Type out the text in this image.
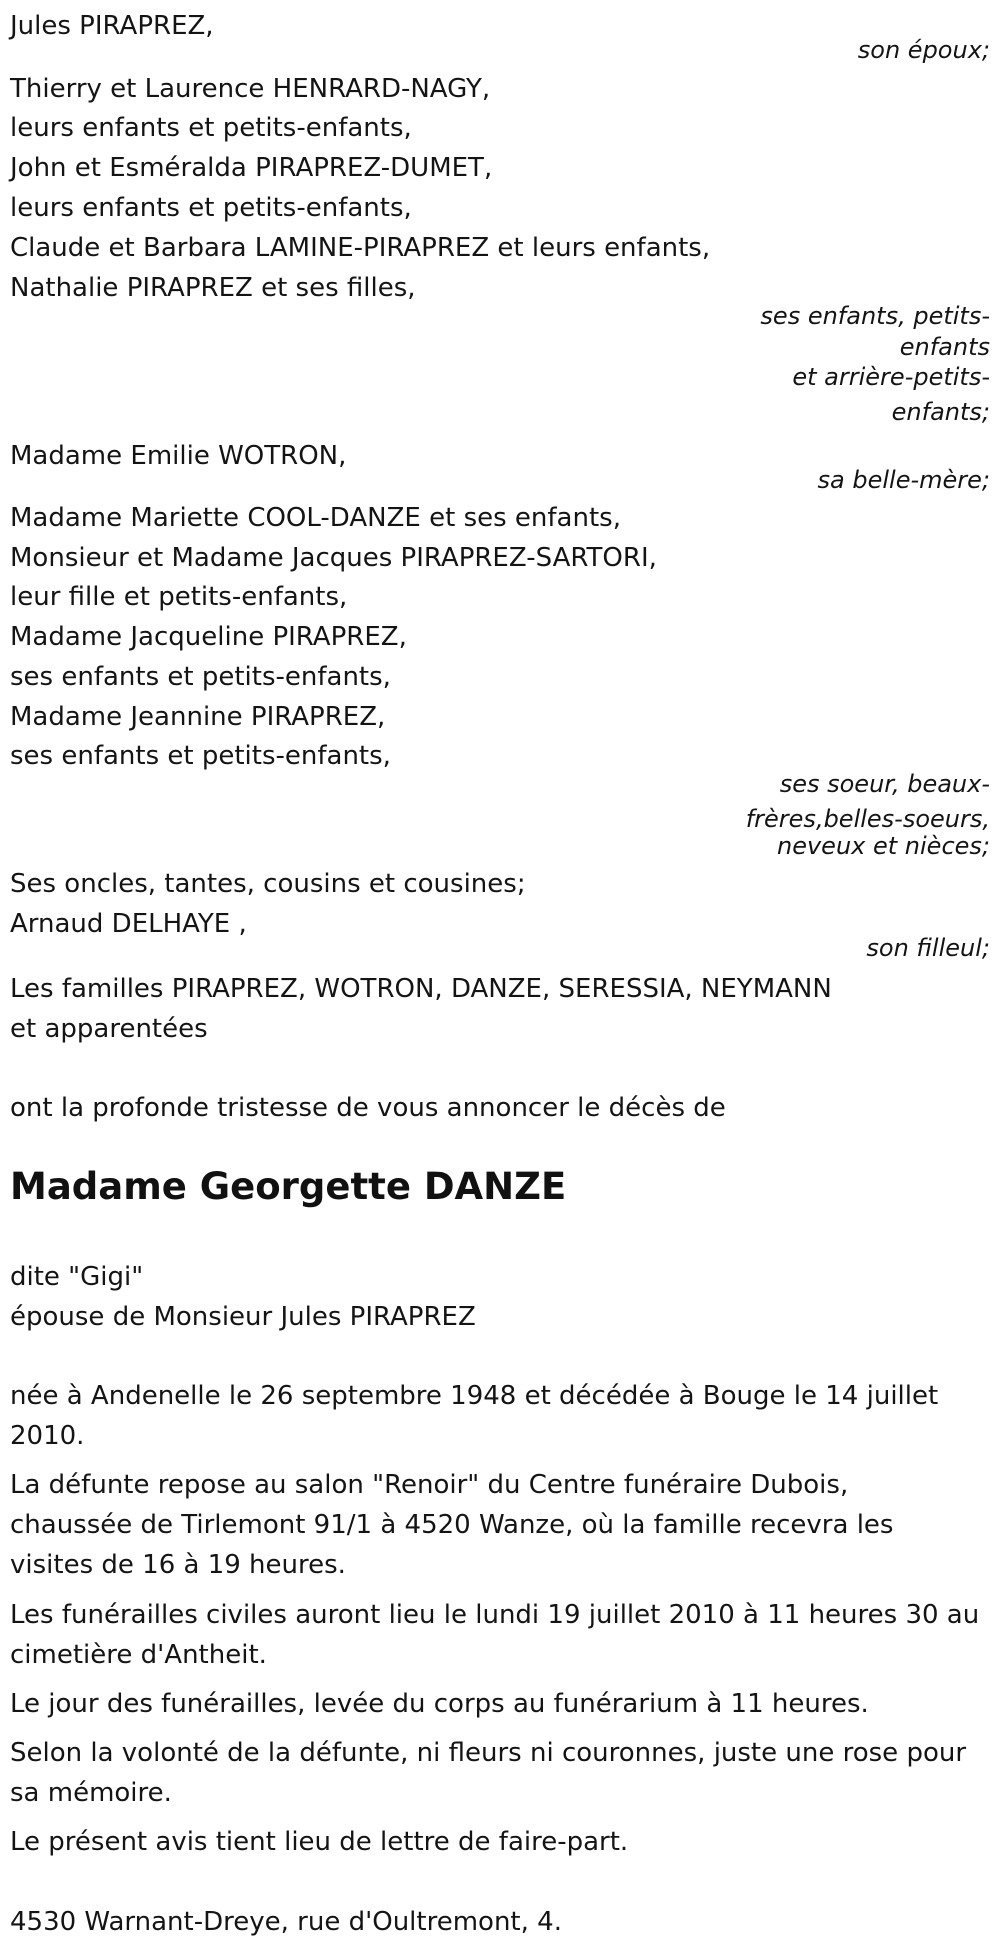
Jules PIRAPREZ,
son époux;
Thierry et Laurence HENRARD-NAGY,
leurs enfants et petits-enfants,
John et Esméralda PIRAPREZ-DUMET,
leurs enfants et petits-enfants,
Claude et Barbara LAMINE-PIRAPREZ et leurs enfants,
Nathalie PIRAPREZ et ses filles,
ses enfants, petits-
enfants
et arrière-petits-
enfants;
Madame Emilie WOTRON,
sa belle-mère;
Madame Mariette COOL-DANZE et ses enfants,
Monsieur et Madame Jacques PIRAPREZ-SARTORI,
leur fille et petits-enfants,
Madame Jacqueline PIRAPREZ,
ses enfants et petits-enfants,
Madame Jeannine PIRAPREZ,
ses enfants et petits-enfants,
ses soeur, beaux-
frères,belles-soeurs,
neveux et nièces;
Ses oncles, tantes, cousins et cousines;
Arnaud DELHAYE ,
son filleul;
Les familles PIRAPREZ, WOTRON, DANZE, SERESSIA, NEYMANN
et apparentées
ont la profonde tristesse de vous annoncer le décès de
Madame Georgette DANZE
dite "Gigi"
épouse de Monsieur Jules PIRAPREZ
née à Andenelle le 26 septembre 1948 et décédée à Bouge le 14 juillet
2010.
La défunte repose au salon "Renoir" du Centre funéraire Dubois,
chaussée de Tirlemont 91/1 à 4520 Wanze, où la famille recevra les
visites de 16 à 19 heures.
Les funérailles civiles auront lieu le lundi 19 juillet 2010 à 11 heures 30 au
cimetière d'Antheit.
Le jour des funérailles, levée du corps au funérarium à 11 heures.
Selon la volonté de la défunte, ni fleurs ni couronnes, juste une rose pour
sa mémoire.
Le présent avis tient lieu de lettre de faire-part.
4530 Warnant-Dreye, rue d'Oultremont, 4.
